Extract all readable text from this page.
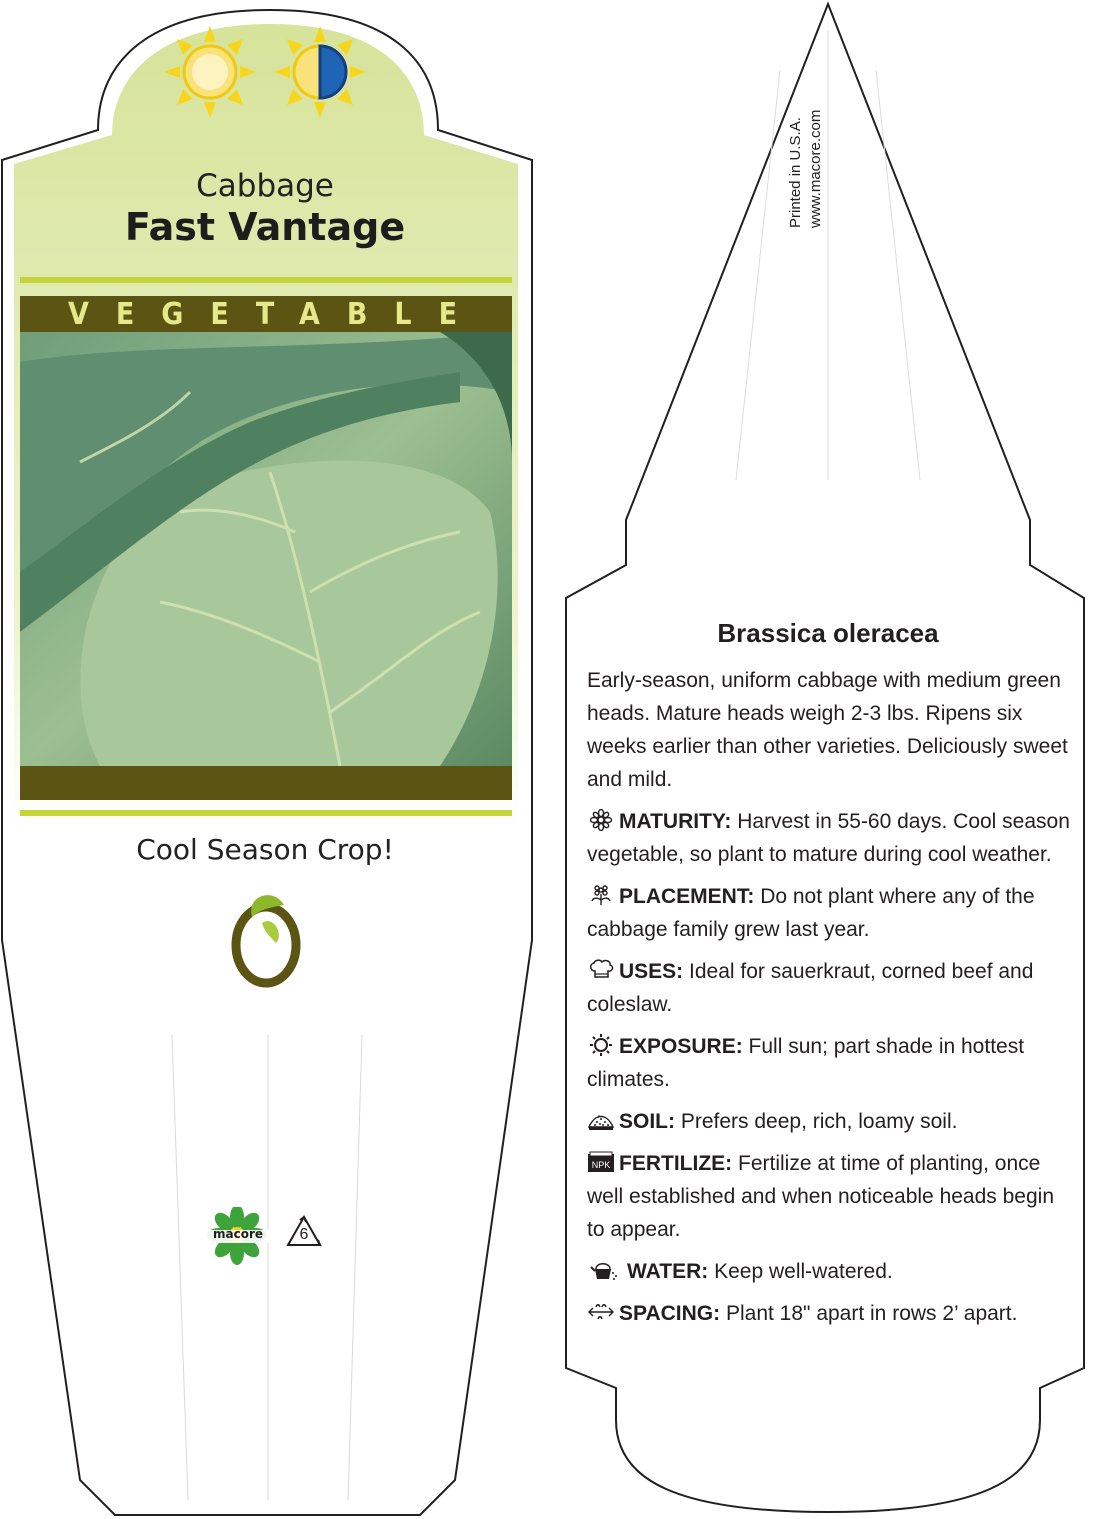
Cabbage
Fast Vantage
VEGETABLE
Cool Season Crop!
macore	6
Printed in U.S.A. www.macore.com
Brassica oleracea

Early-season, uniform cabbage with medium green heads. Mature heads weigh 2-3 lbs. Ripens six weeks earlier than other varieties. Deliciously sweet and mild.

MATURITY: Harvest in 55-60 days. Cool season vegetable, so plant to mature during cool weather.

PLACEMENT: Do not plant where any of the cabbage family grew last year.

USES: Ideal for sauerkraut, corned beef and coleslaw.

EXPOSURE: Full sun; part shade in hottest climates.

SOIL: Prefers deep, rich, loamy soil.

NPK FERTILIZE: Fertilize at time of planting, once well established and when noticeable heads begin to appear.

WATER: Keep well-watered.

SPACING: Plant 18" apart in rows 2’ apart.
